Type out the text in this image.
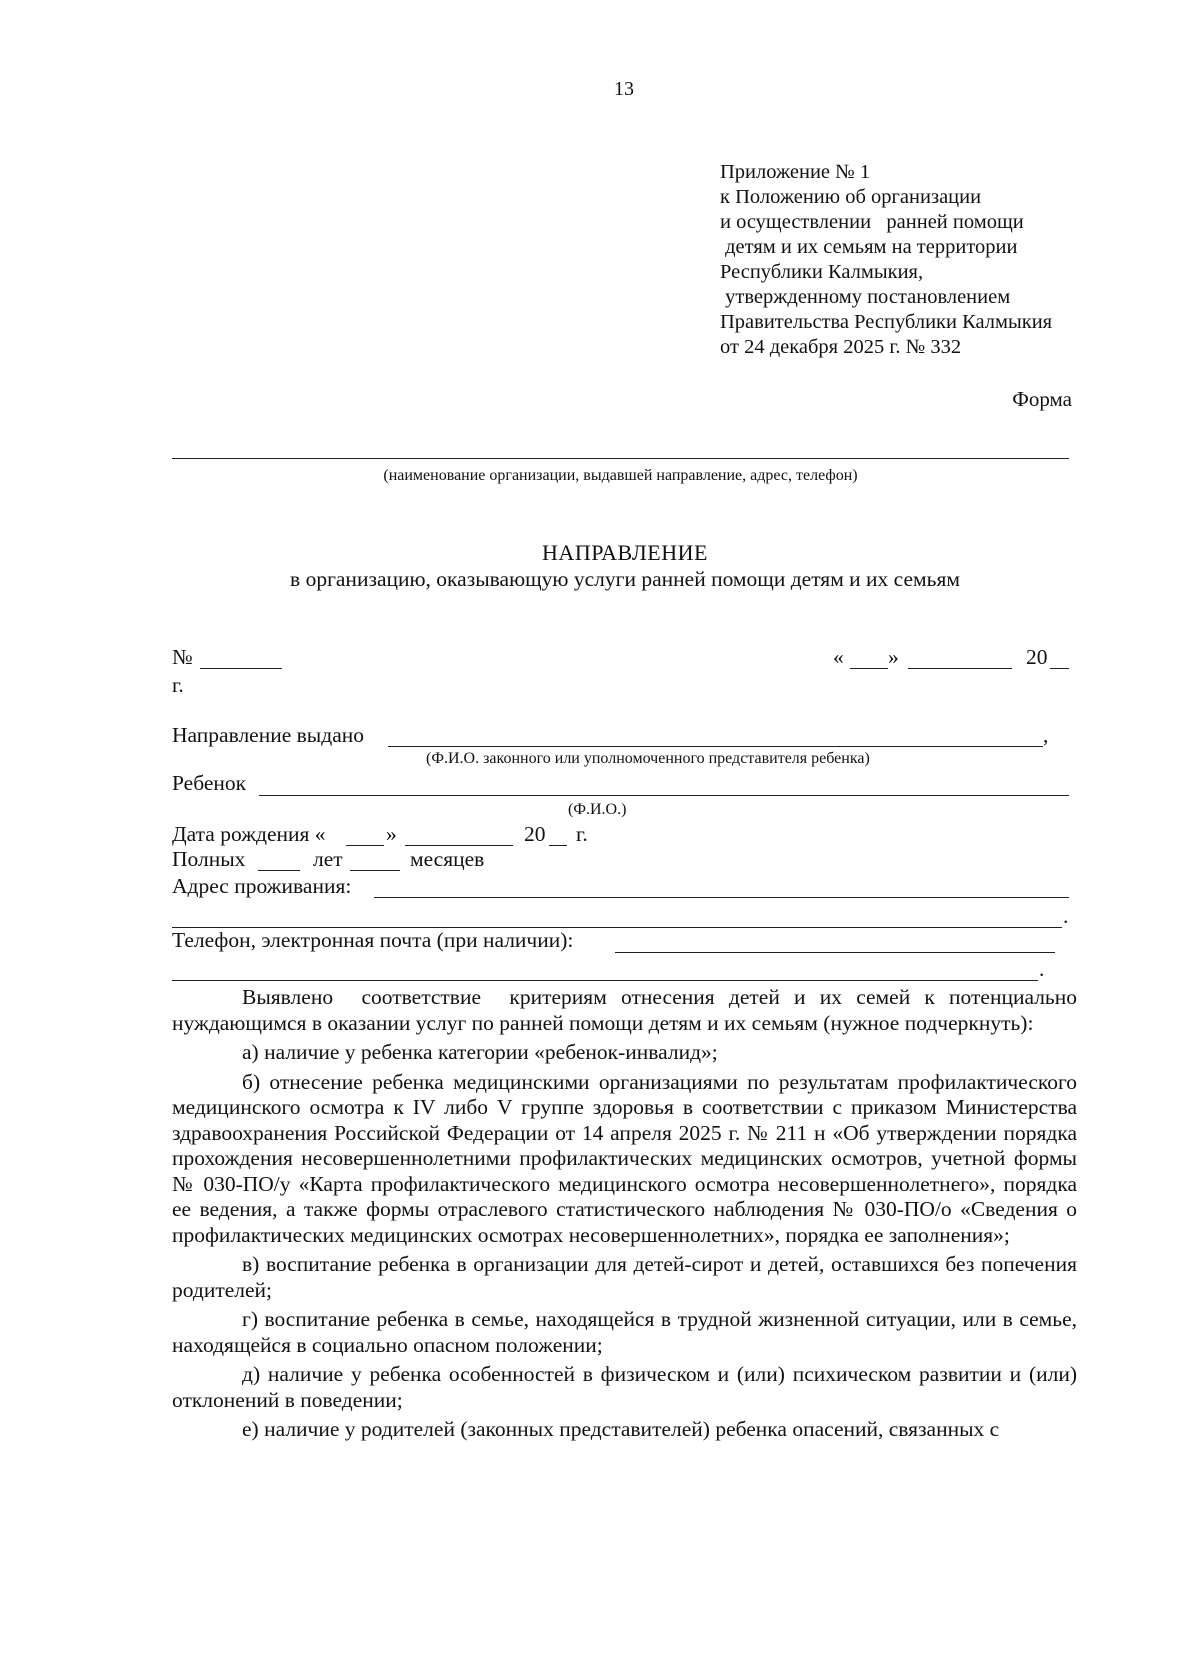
13
Приложение № 1
к Положению об организации
и осуществлении   ранней помощи
детям и их семьям на территории
Республики Калмыкия,
утвержденному постановлением
Правительства Республики Калмыкия
от 24 декабря 2025 г. № 332
Форма
(наименование организации, выдавшей направление, адрес, телефон)
НАПРАВЛЕНИЕ
в организацию, оказывающую услуги ранней помощи детям и их семьям
№
г.
« »	20
Направление выдано	,
(Ф.И.О. законного или уполномоченного представителя ребенка)
Ребенок
(Ф.И.О.)
Дата рождения «	»	20 г.
Полных	лет	месяцев
Адрес проживания:
.
Телефон, электронная почта (при наличии):
.

Выявлено  соответствие  критериям отнесения детей и их семей к потенциально нуждающимся в оказании услуг по ранней помощи детям и их семьям (нужное подчеркнуть):

а) наличие у ребенка категории «ребенок-инвалид»;

б) отнесение ребенка медицинскими организациями по результатам профилактического медицинского осмотра к IV либо V группе здоровья в соответствии с приказом Министерства здравоохранения Российской Федерации от 14 апреля 2025 г. № 211 н «Об утверждении порядка прохождения несовершеннолетними профилактических медицинских осмотров, учетной формы № 030-ПО/у «Карта профилактического медицинского осмотра несовершеннолетнего», порядка ее ведения, а также формы отраслевого статистического наблюдения № 030-ПО/о «Сведения о профилактических медицинских осмотрах несовершеннолетних», порядка ее заполнения»;

в) воспитание ребенка в организации для детей-сирот и детей, оставшихся без попечения родителей;

г) воспитание ребенка в семье, находящейся в трудной жизненной ситуации, или в семье, находящейся в социально опасном положении;

д) наличие у ребенка особенностей в физическом и (или) психическом развитии и (или) отклонений в поведении;

е) наличие у родителей (законных представителей) ребенка опасений, связанных с
